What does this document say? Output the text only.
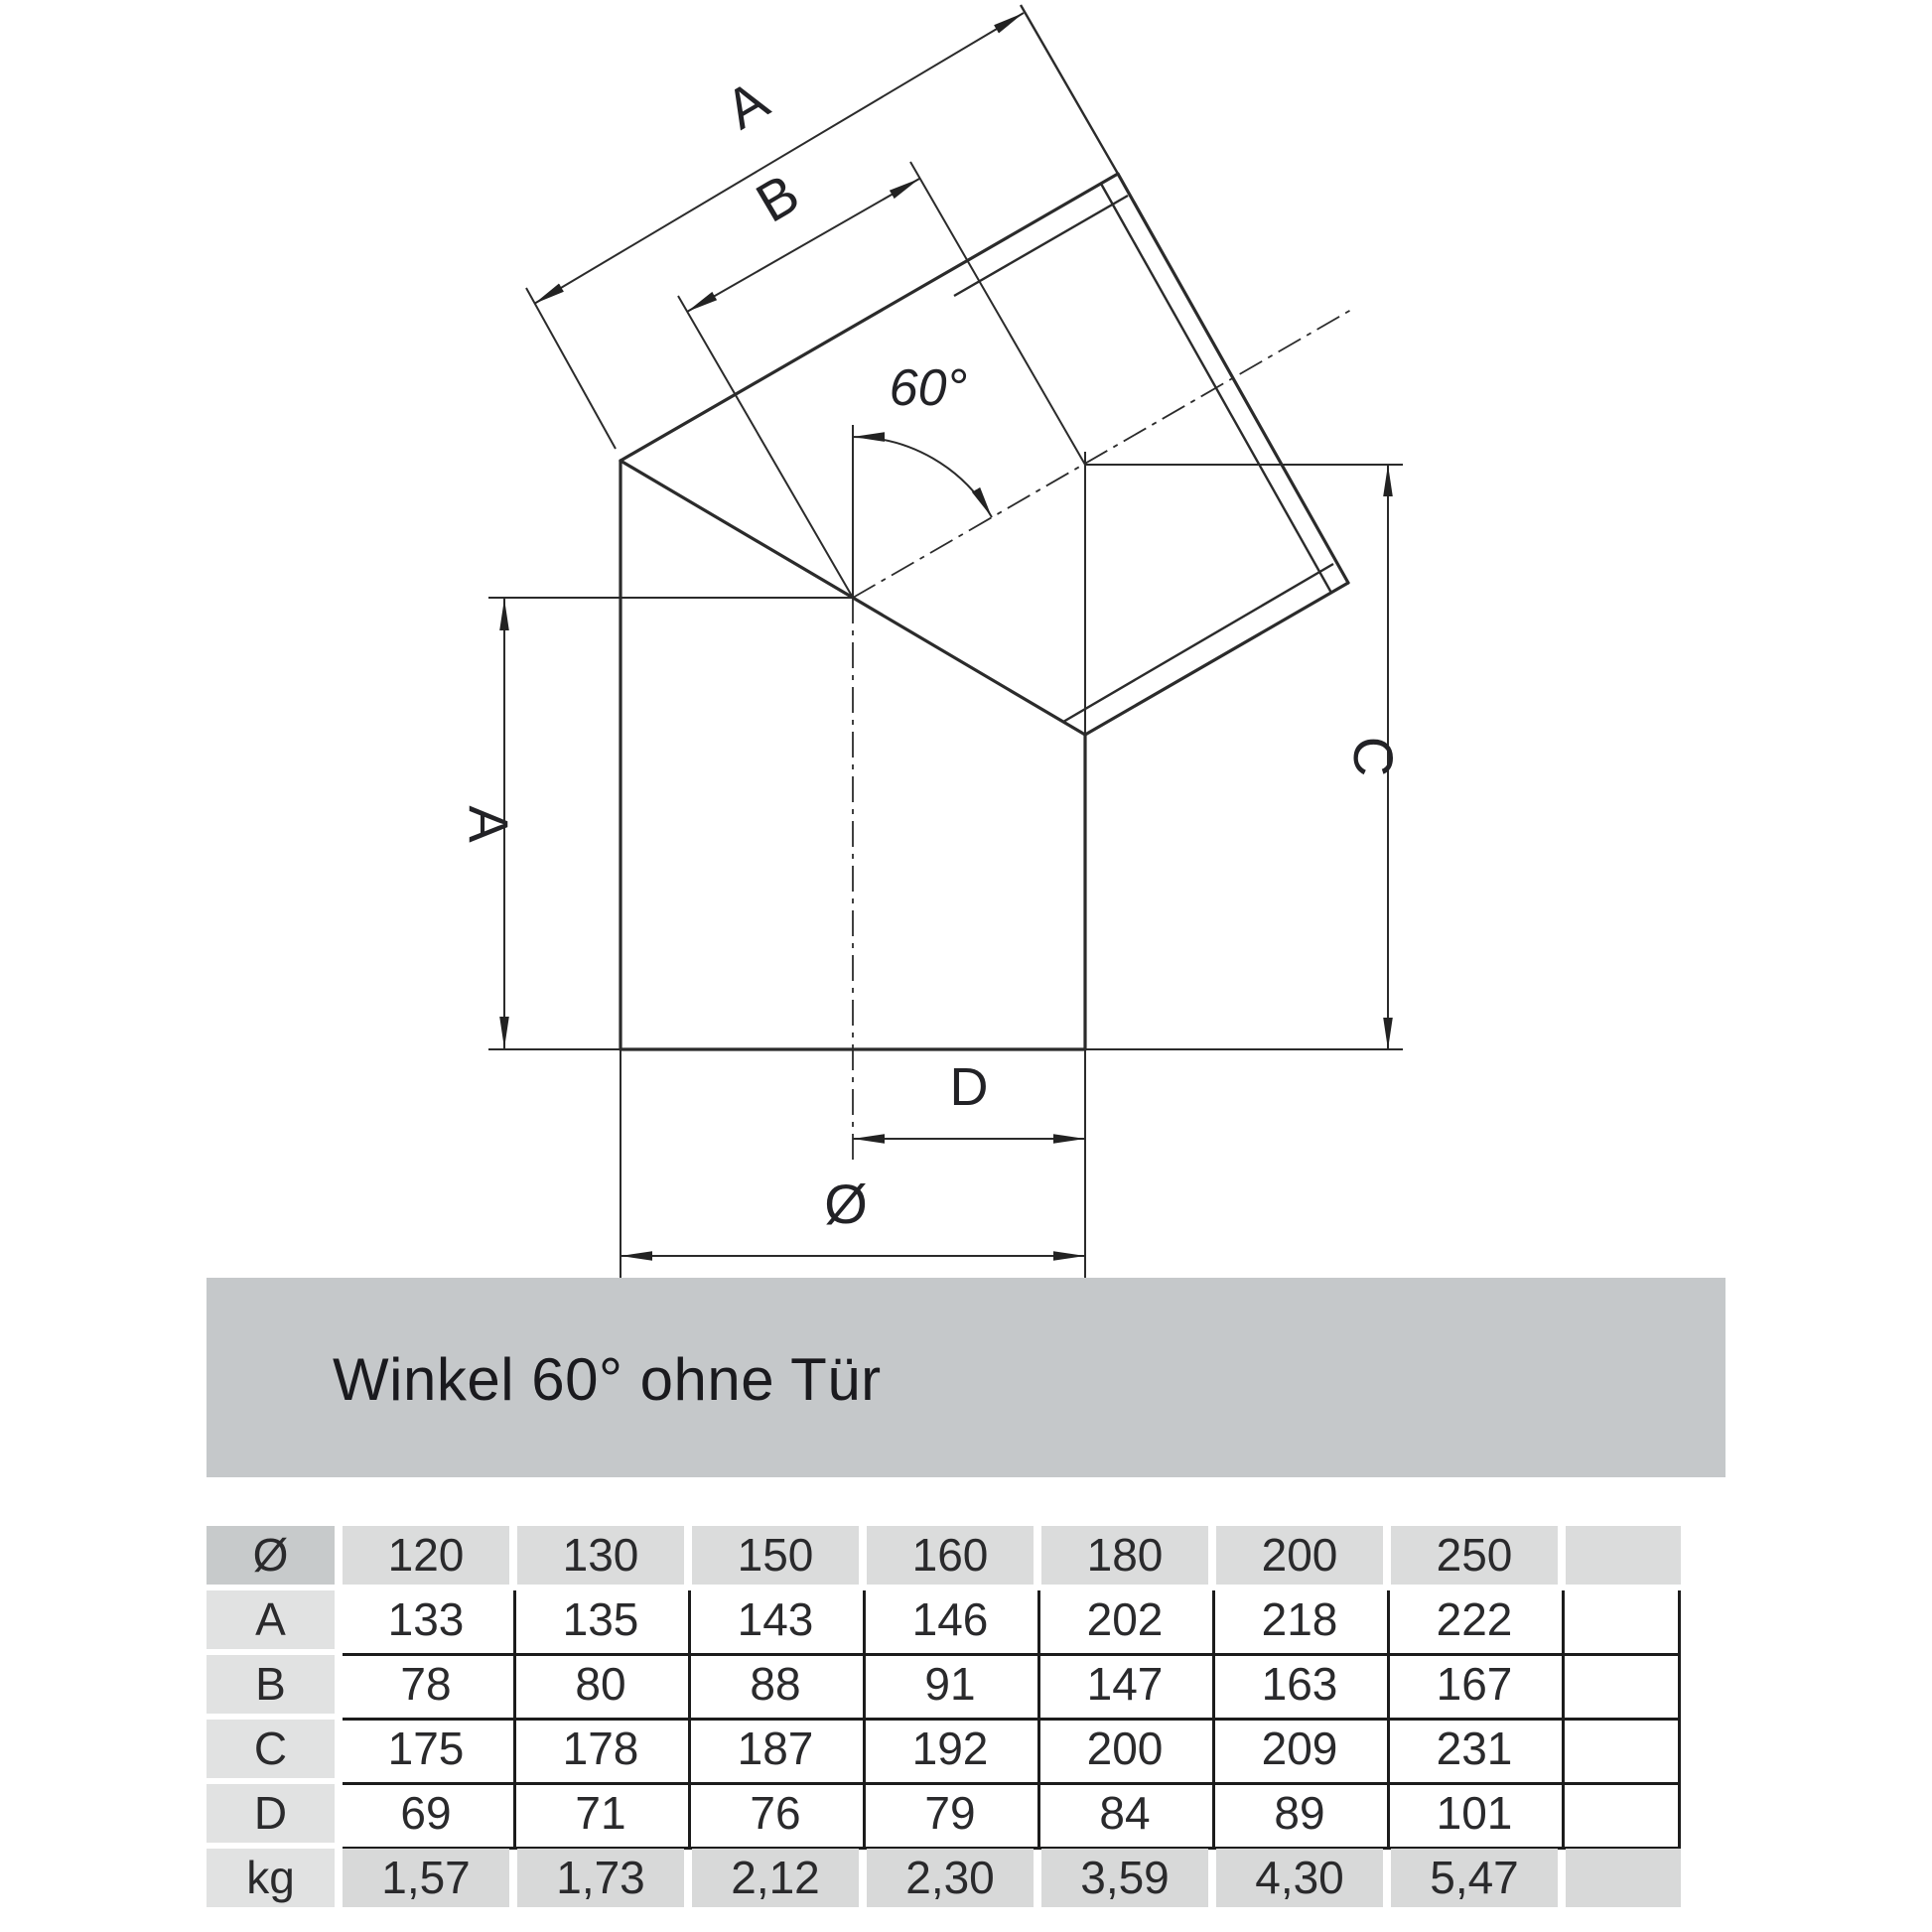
A
B
60°
A
C
D
Ø
Winkel 60° ohne Tür
Ø	120	130	150	160	180	200	250
A	133	135	143	146	202	218	222
B	78	80	88	91	147	163	167
C	175	178	187	192	200	209	231
D	69	71	76	79	84	89	101
kg	1,57	1,73	2,12	2,30	3,59	4,30	5,47
